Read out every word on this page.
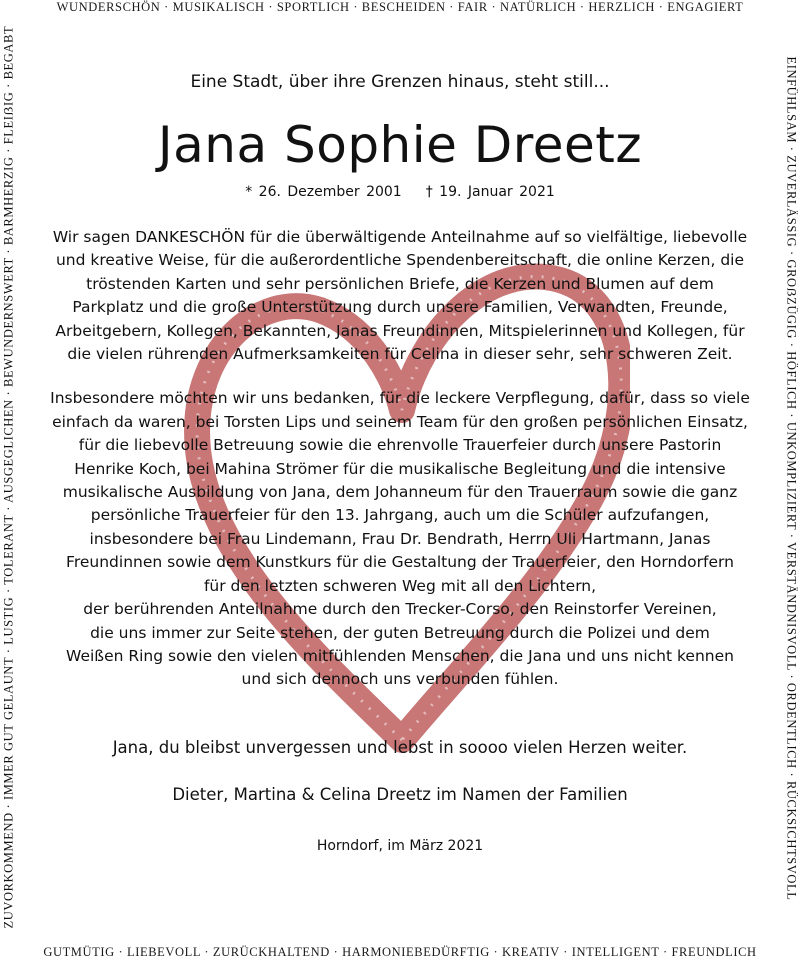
WUNDERSCHÖN · MUSIKALISCH · SPORTLICH · BESCHEIDEN · FAIR · NATÜRLICH · HERZLICH · ENGAGIERT
GUTMÜTIG · LIEBEVOLL · ZURÜCKHALTEND · HARMONIEBEDÜRFTIG · KREATIV · INTELLIGENT · FREUNDLICH
ZUVORKOMMEND · IMMER GUT GELAUNT · LUSTIG · TOLERANT · AUSGEGLICHEN · BEWUNDERNSWERT · BARMHERZIG · FLEIẞIG · BEGABT	EINFÜHLSAM · ZUVERLÄSSIG · GROẞZÜGIG · HÖFLICH · UNKOMPLIZIERT · VERSTÄNDNISVOLL · ORDENTLICH · RÜCKSICHTSVOLL
Eine Stadt, über ihre Grenzen hinaus, steht still...
Jana Sophie Dreetz
* 26. Dezember 2001 † 19. Januar 2021
Wir sagen DANKESCHÖN für die überwältigende Anteilnahme auf so vielfältige, liebevolle
und kreative Weise, für die außerordentliche Spendenbereitschaft, die online Kerzen, die
tröstenden Karten und sehr persönlichen Briefe, die Kerzen und Blumen auf dem
Parkplatz und die große Unterstützung durch unsere Familien, Verwandten, Freunde,
Arbeitgebern, Kollegen, Bekannten, Janas Freundinnen, Mitspielerinnen und Kollegen, für
die vielen rührenden Aufmerksamkeiten für Celina in dieser sehr, sehr schweren Zeit.
Insbesondere möchten wir uns bedanken, für die leckere Verpflegung, dafür, dass so viele
einfach da waren, bei Torsten Lips und seinem Team für den großen persönlichen Einsatz,
für die liebevolle Betreuung sowie die ehrenvolle Trauerfeier durch unsere Pastorin
Henrike Koch, bei Mahina Strömer für die musikalische Begleitung und die intensive
musikalische Ausbildung von Jana, dem Johanneum für den Trauerraum sowie die ganz
persönliche Trauerfeier für den 13. Jahrgang, auch um die Schüler aufzufangen,
insbesondere bei Frau Lindemann, Frau Dr. Bendrath, Herrn Uli Hartmann, Janas
Freundinnen sowie dem Kunstkurs für die Gestaltung der Trauerfeier, den Horndorfern
für den letzten schweren Weg mit all den Lichtern,
der berührenden Anteilnahme durch den Trecker-Corso, den Reinstorfer Vereinen,
die uns immer zur Seite stehen, der guten Betreuung durch die Polizei und dem
Weißen Ring sowie den vielen mitfühlenden Menschen, die Jana und uns nicht kennen
und sich dennoch uns verbunden fühlen.
Jana, du bleibst unvergessen und lebst in soooo vielen Herzen weiter.
Dieter, Martina & Celina Dreetz im Namen der Familien
Horndorf, im März 2021
